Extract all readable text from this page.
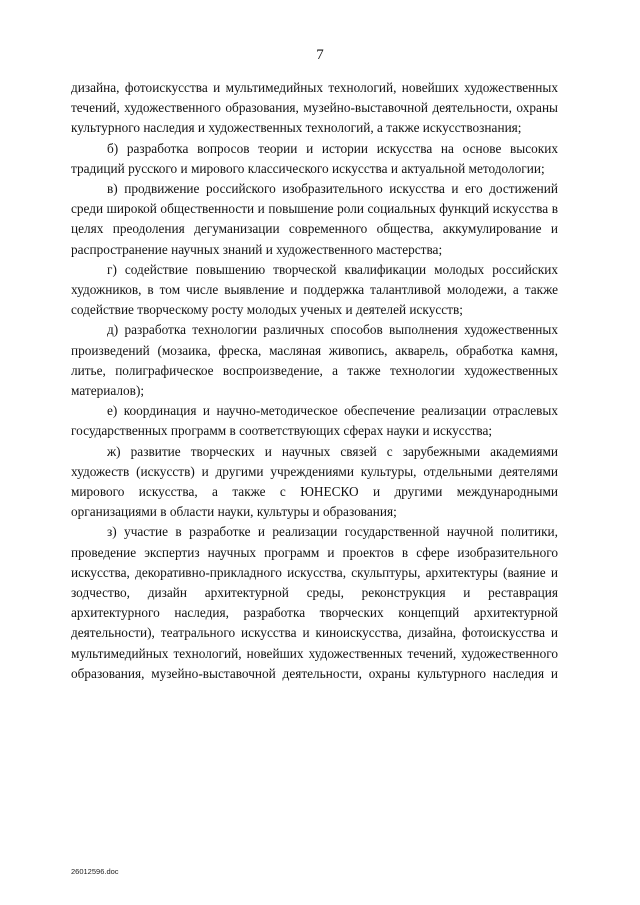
7

дизайна, фотоискусства и мультимедийных технологий, новейших художественных течений, художественного образования, музейно-выставочной деятельности, охраны культурного наследия и художественных технологий, а также искусствознания;

б) разработка вопросов теории и истории искусства на основе высоких традиций русского и мирового классического искусства и актуальной методологии;

в) продвижение российского изобразительного искусства и его достижений среди широкой общественности и повышение роли социальных функций искусства в целях преодоления дегуманизации современного общества, аккумулирование и распространение научных знаний и художественного мастерства;

г) содействие повышению творческой квалификации молодых российских художников, в том числе выявление и поддержка талантливой молодежи, а также содействие творческому росту молодых ученых и деятелей искусств;

д) разработка технологии различных способов выполнения художественных произведений (мозаика, фреска, масляная живопись, акварель, обработка камня, литье, полиграфическое воспроизведение, а также технологии художественных материалов);

е) координация и научно-методическое обеспечение реализации отраслевых государственных программ в соответствующих сферах науки и искусства;

ж) развитие творческих и научных связей с зарубежными академиями художеств (искусств) и другими учреждениями культуры, отдельными деятелями мирового искусства, а также с ЮНЕСКО и другими международными организациями в области науки, культуры и образования;

з) участие в разработке и реализации государственной научной политики, проведение экспертиз научных программ и проектов в сфере изобразительного искусства, декоративно-прикладного искусства, скульптуры, архитектуры (ваяние и зодчество, дизайн архитектурной среды, реконструкция и реставрация архитектурного наследия, разработка творческих концепций архитектурной деятельности), театрального искусства и киноискусства, дизайна, фотоискусства и мультимедийных технологий, новейших художественных течений, художественного образования, музейно-выставочной деятельности, охраны культурного наследия и

26012596.doc
